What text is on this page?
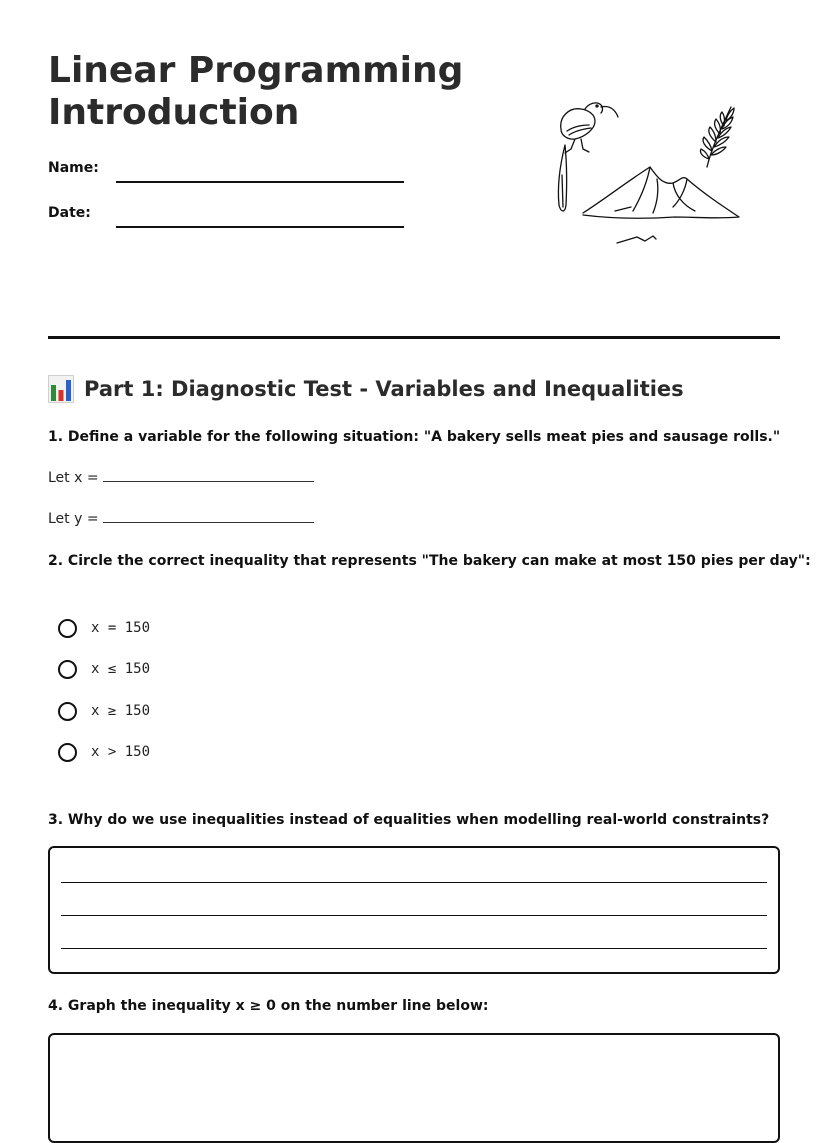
Linear Programming
Introduction
Name:
Date:
Part 1: Diagnostic Test - Variables and Inequalities
1. Define a variable for the following situation: "A bakery sells meat pies and sausage rolls."
Let x =
Let y =
2. Circle the correct inequality that represents "The bakery can make at most 150 pies per day":
x = 150
x ≤ 150
x ≥ 150
x > 150
3. Why do we use inequalities instead of equalities when modelling real-world constraints?
4. Graph the inequality x ≥ 0 on the number line below:
